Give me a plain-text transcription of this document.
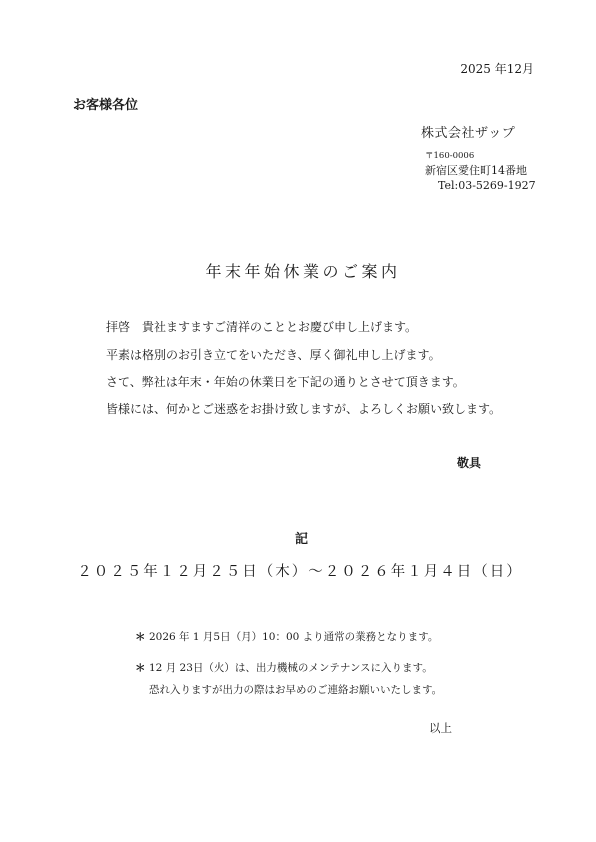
2025 年12月
お客様各位
株式会社ザップ
〒160-0006
新宿区愛住町14番地
Tel:03-5269-1927
年末年始休業のご案内
拝啓　貴社ますますご清祥のこととお慶び申し上げます。
平素は格別のお引き立てをいただき、厚く御礼申し上げます。
さて、弊社は年末・年始の休業日を下記の通りとさせて頂きます。
皆様には、何かとご迷惑をお掛け致しますが、よろしくお願い致します。
敬具
記
２０２５年１２月２５日（木）～２０２６年１月４日（日）
＊ 2026 年 1 月5日（月）10：00 より通常の業務となります。
＊ 12 月 23日（火）は、出力機械のメンテナンスに入ります。
恐れ入りますが出力の際はお早めのご連絡お願いいたします。
以上
